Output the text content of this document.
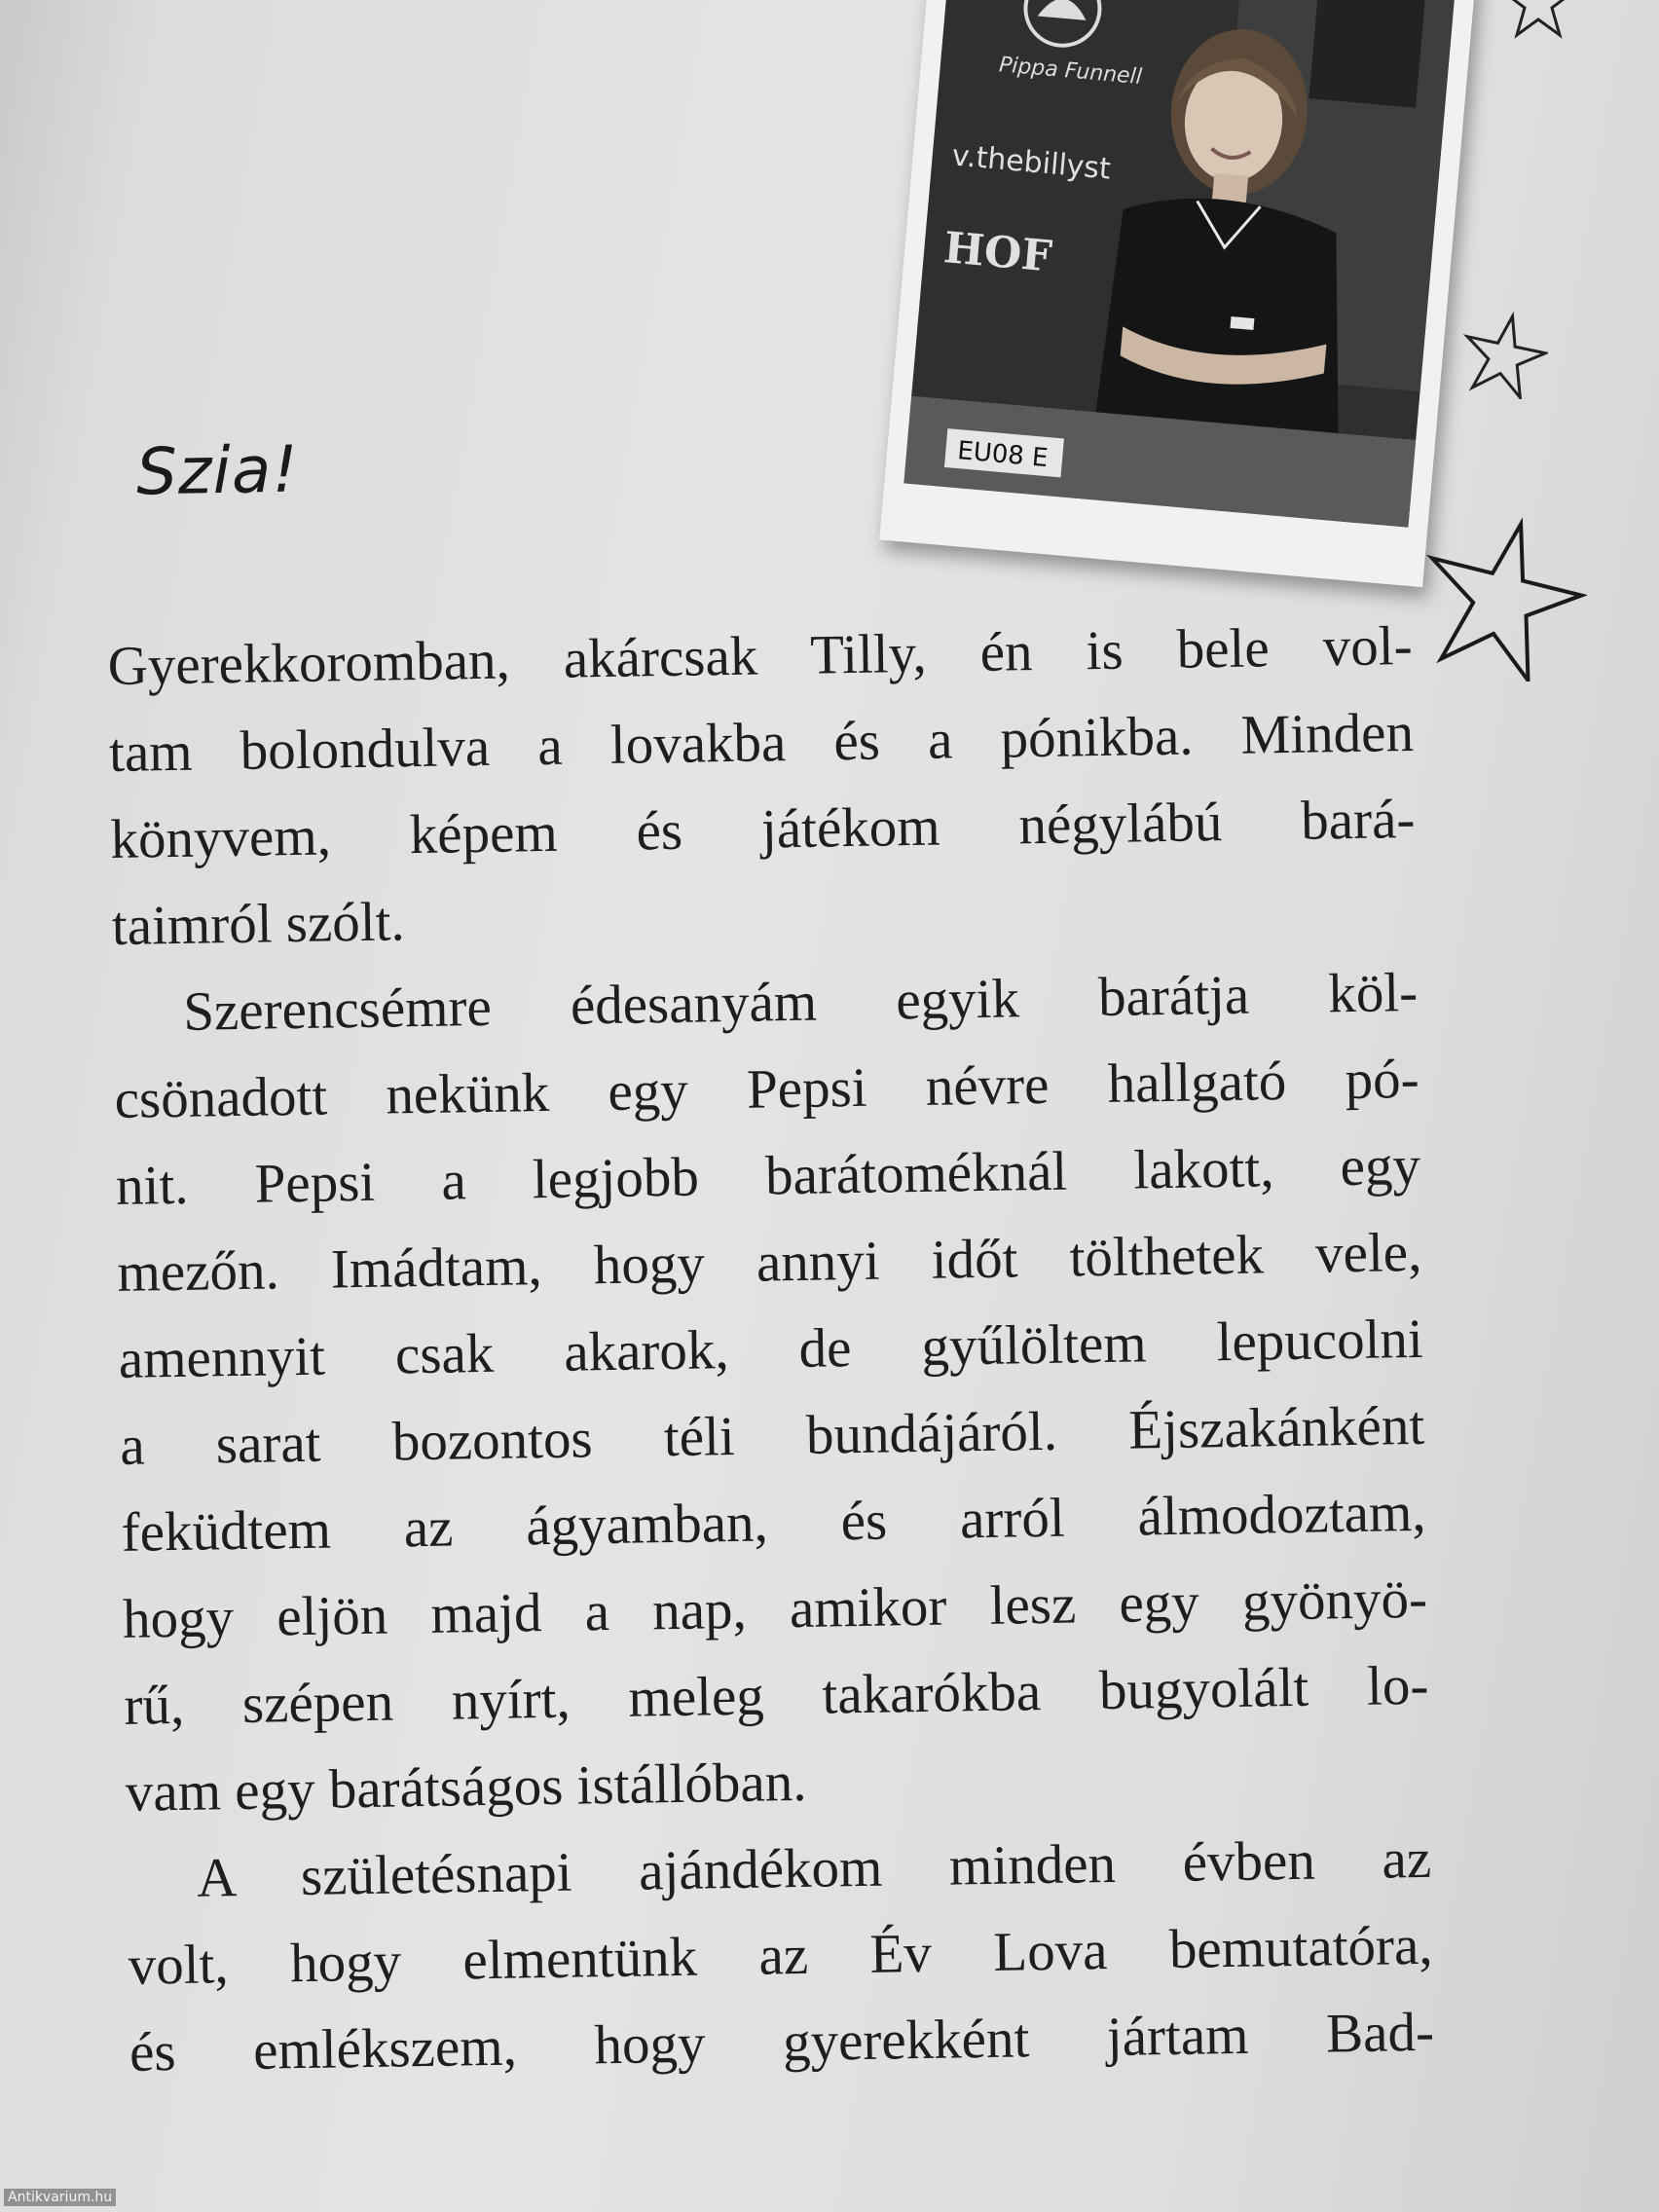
EU08 E
Pippa Funnell
v.thebillyst
HOF
Szia!
Gyerekkoromban, akárcsak Tilly, én is bele vol-
tam bolondulva a lovakba és a pónikba. Minden
könyvem, képem és játékom négylábú bará-
taimról szólt.
Szerencsémre édesanyám egyik barátja köl-
csönadott nekünk egy Pepsi névre hallgató pó-
nit. Pepsi a legjobb barátoméknál lakott, egy
mezőn. Imádtam, hogy annyi időt tölthetek vele,
amennyit csak akarok, de gyűlöltem lepucolni
a sarat bozontos téli bundájáról. Éjszakánként
feküdtem az ágyamban, és arról álmodoztam,
hogy eljön majd a nap, amikor lesz egy gyönyö-
rű, szépen nyírt, meleg takarókba bugyolált lo-
vam egy barátságos istállóban.
A születésnapi ajándékom minden évben az
volt, hogy elmentünk az Év Lova bemutatóra,
és emlékszem, hogy gyerekként jártam Bad-
Antikvarium.hu
